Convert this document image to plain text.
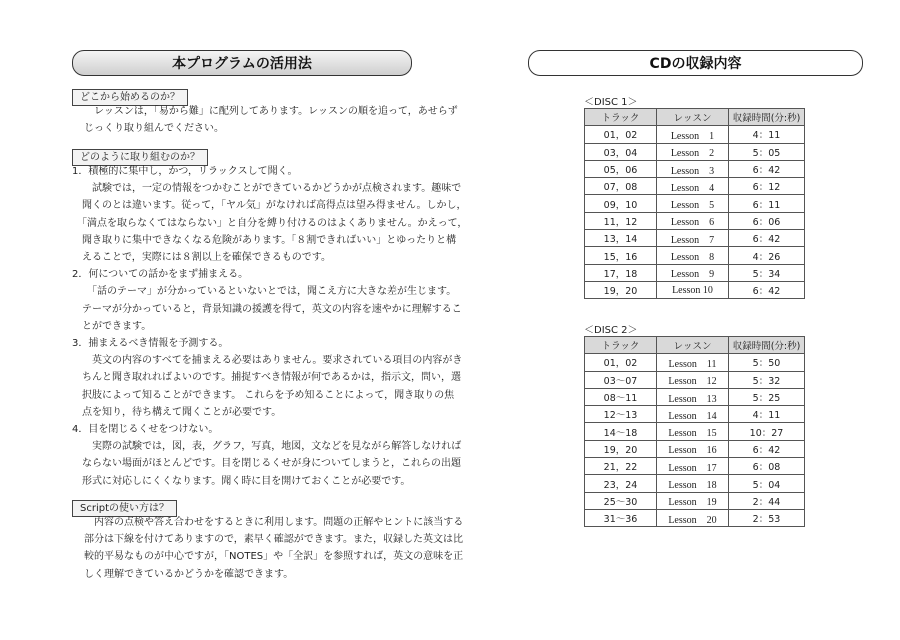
本プログラムの活用法
どこから始めるのか？

　レッスンは，「易から難」に配列してあります。レッスンの順を追って，あせらず
じっくり取り組んでください。

どのように取り組むのか？

1．積極的に集中し，かつ，リラックスして聞く。
　　試験では，一定の情報をつかむことができているかどうかが点検されます。趣味で
　聞くのとは違います。従って，「ヤル気」がなければ高得点は望み得ません。しかし，
　「満点を取らなくてはならない」と自分を縛り付けるのはよくありません。かえって，
　聞き取りに集中できなくなる危険があります。「８割できればいい」とゆったりと構
　えることで，実際には８割以上を確保できるものです。
2．何についての話かをまず捕まえる。
　　「話のテーマ」が分かっているといないとでは，聞こえ方に大きな差が生じます。
　テーマが分かっていると，背景知識の援護を得て，英文の内容を速やかに理解するこ
　とができます。
3．捕まえるべき情報を予測する。
　　英文の内容のすべてを捕まえる必要はありません。要求されている項目の内容がき
　ちんと聞き取れればよいのです。捕捉すべき情報が何であるかは，指示文，問い，選
　択肢によって知ることができます。 これらを予め知ることによって，聞き取りの焦
　点を知り，待ち構えて聞くことが必要です。
4．目を閉じるくせをつけない。
　　実際の試験では，図，表，グラフ，写真，地図，文などを見ながら解答しなければ
　ならない場面がほとんどです。目を閉じるくせが身についてしまうと，これらの出題
　形式に対応しにくくなります。聞く時に目を開けておくことが必要です。

Scriptの使い方は？

　内容の点検や答え合わせをするときに利用します。問題の正解やヒントに該当する
部分は下線を付けてありますので，素早く確認ができます。また，収録した英文は比
較的平易なものが中心ですが，「NOTES」や「全訳」を参照すれば，英文の意味を正
しく理解できているかどうかを確認できます。

CDの収録内容
＜DISC 1＞
トラック	レッスン	収録時間(分:秒)
01，02	Lesson　1	4：11
03，04	Lesson　2	5：05
05，06	Lesson　3	6：42
07，08	Lesson　4	6：12
09，10	Lesson　5	6：11
11，12	Lesson　6	6：06
13，14	Lesson　7	6：42
15，16	Lesson　8	4：26
17，18	Lesson　9	5：34
19，20	Lesson 10	6：42
＜DISC 2＞
トラック	レッスン	収録時間(分:秒)
01，02	Lesson　11	5：50
03〜07	Lesson　12	5：32
08〜11	Lesson　13	5：25
12〜13	Lesson　14	4：11
14〜18	Lesson　15	10：27
19，20	Lesson　16	6：42
21，22	Lesson　17	6：08
23，24	Lesson　18	5：04
25〜30	Lesson　19	2：44
31〜36	Lesson　20	2：53
